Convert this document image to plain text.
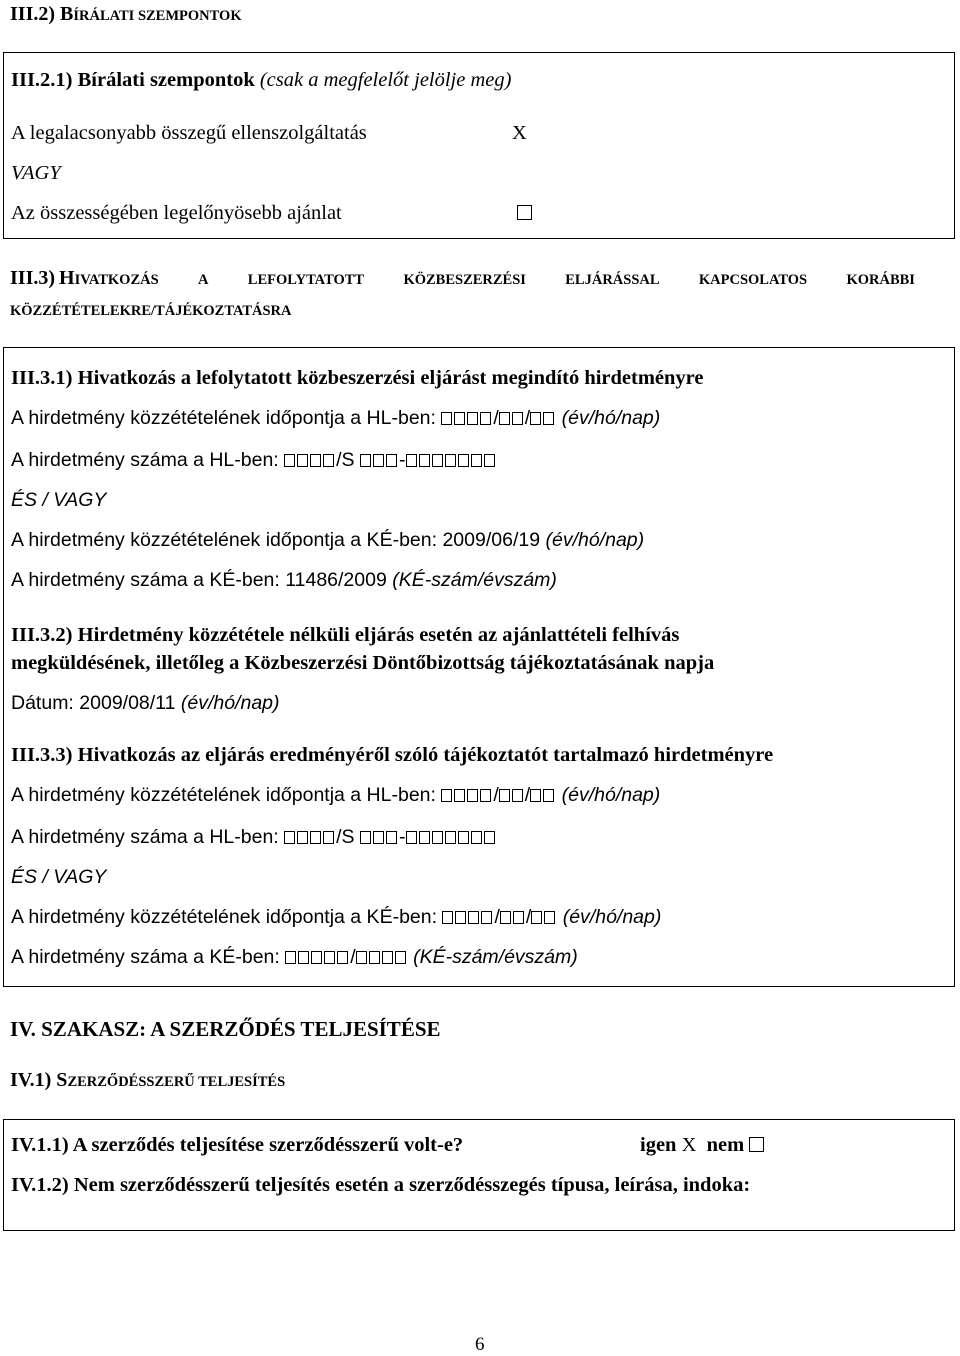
III.2) BÍRÁLATI SZEMPONTOK
III.2.1) Bírálati szempontok (csak a megfelelőt jelölje meg)
A legalacsonyabb összegű ellenszolgáltatás	X
VAGY
Az összességében legelőnyösebb ajánlat
III.3) HIVATKOZÁS	A	LEFOLYTATOTT	KÖZBESZERZÉSI	ELJÁRÁSSAL	KAPCSOLATOS	KORÁBBI
KÖZZÉTÉTELEKRE/TÁJÉKOZTATÁSRA
III.3.1) Hivatkozás a lefolytatott közbeszerzési eljárást megindító hirdetményre
A hirdetmény közzétételének időpontja a HL-ben:	/ / (év/hó/nap)
A hirdetmény száma a HL-ben:	/S -
ÉS / VAGY
A hirdetmény közzétételének időpontja a KÉ-ben: 2009/06/19 (év/hó/nap)
A hirdetmény száma a KÉ-ben: 11486/2009 (KÉ-szám/évszám)
III.3.2) Hirdetmény közzététele nélküli eljárás esetén az ajánlattételi felhívás
megküldésének, illetőleg a Közbeszerzési Döntőbizottság tájékoztatásának napja
Dátum: 2009/08/11 (év/hó/nap)
III.3.3) Hivatkozás az eljárás eredményéről szóló tájékoztatót tartalmazó hirdetményre
A hirdetmény közzétételének időpontja a HL-ben:	/ / (év/hó/nap)
A hirdetmény száma a HL-ben:	/S -
ÉS / VAGY
A hirdetmény közzétételének időpontja a KÉ-ben:	/ / (év/hó/nap)
A hirdetmény száma a KÉ-ben:	/	(KÉ-szám/évszám)
IV. SZAKASZ: A SZERZŐDÉS TELJESÍTÉSE
IV.1) SZERZŐDÉSSZERŰ TELJESÍTÉS
IV.1.1) A szerződés teljesítése szerződésszerű volt-e?	igen X nem
IV.1.2) Nem szerződésszerű teljesítés esetén a szerződésszegés típusa, leírása, indoka:
6
